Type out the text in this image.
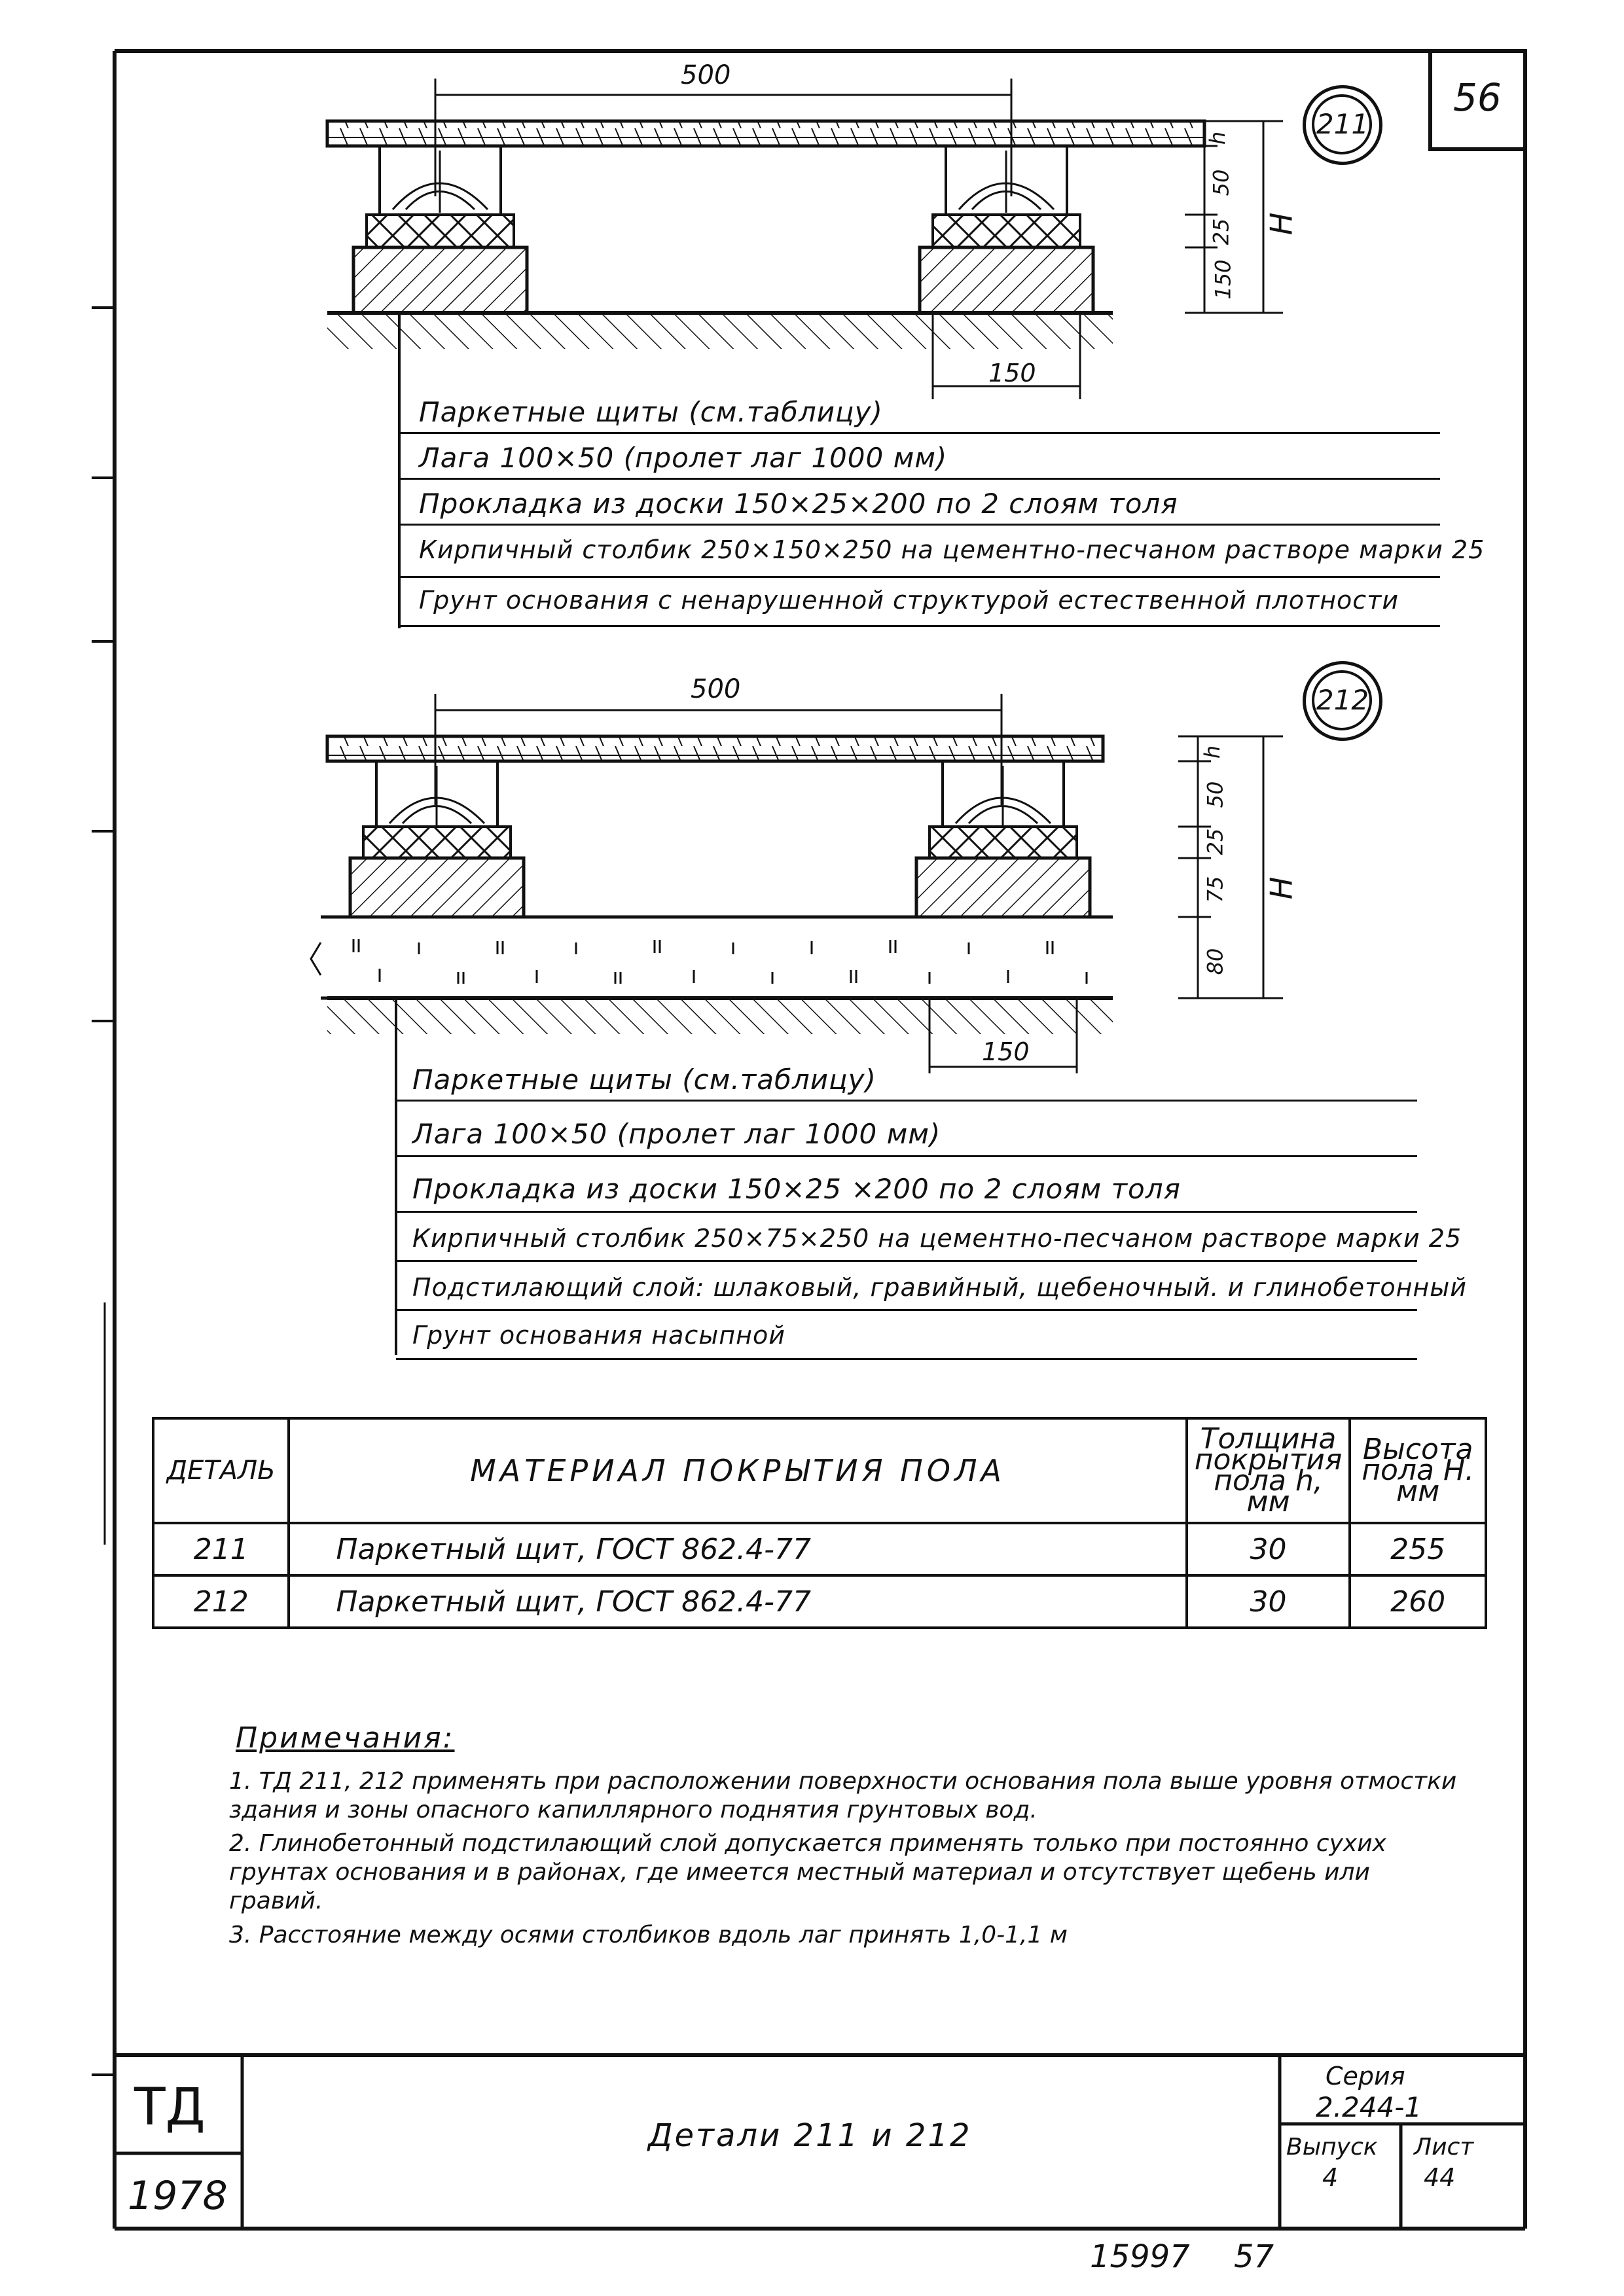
56
211
500
150
h
50
25
150
H
Паркетные щиты (см.таблицу)
Лага 100×50 (пролет лаг 1000 мм)
Прокладка из доски 150×25×200 по 2 слоям толя
Кирпичный столбик 250×150×250 на цементно-песчаном растворе марки 25
Грунт основания с ненарушенной структурой естественной плотности
212
500
150
h
50
25
75
80
H
Паркетные щиты (см.таблицу)
Лага 100×50 (пролет лаг 1000 мм)
Прокладка из доски 150×25 ×200 по 2 слоям толя
Кирпичный столбик 250×75×250 на цементно-песчаном растворе марки 25
Подстилающий слой: шлаковый, гравийный, щебеночный. и глинобетонный
Грунт основания насыпной
ДЕТАЛЬ	МАТЕРИАЛ ПОКРЫТИЯ ПОЛА	Толщина покрытия пола h, мм	Высота пола Н. мм
211	Паркетный щит, ГОСТ 862.4-77	30	255
212	Паркетный щит, ГОСТ 862.4-77	30	260
Примечания:
1. ТД 211, 212 применять при расположении поверхности основания пола выше уровня отмостки здания и зоны опасного капиллярного поднятия грунтовых вод.
2. Глинобетонный подстилающий слой допускается применять только при постоянно сухих грунтах основания и в районах, где имеется местный материал и отсутствует щебень или гравий.
3. Расстояние между осями столбиков вдоль лаг принять 1,0-1,1 м
ТД
1978
Детали 211 и 212
Серия
2.244-1
Выпуск
4
Лист
44
15997 57
